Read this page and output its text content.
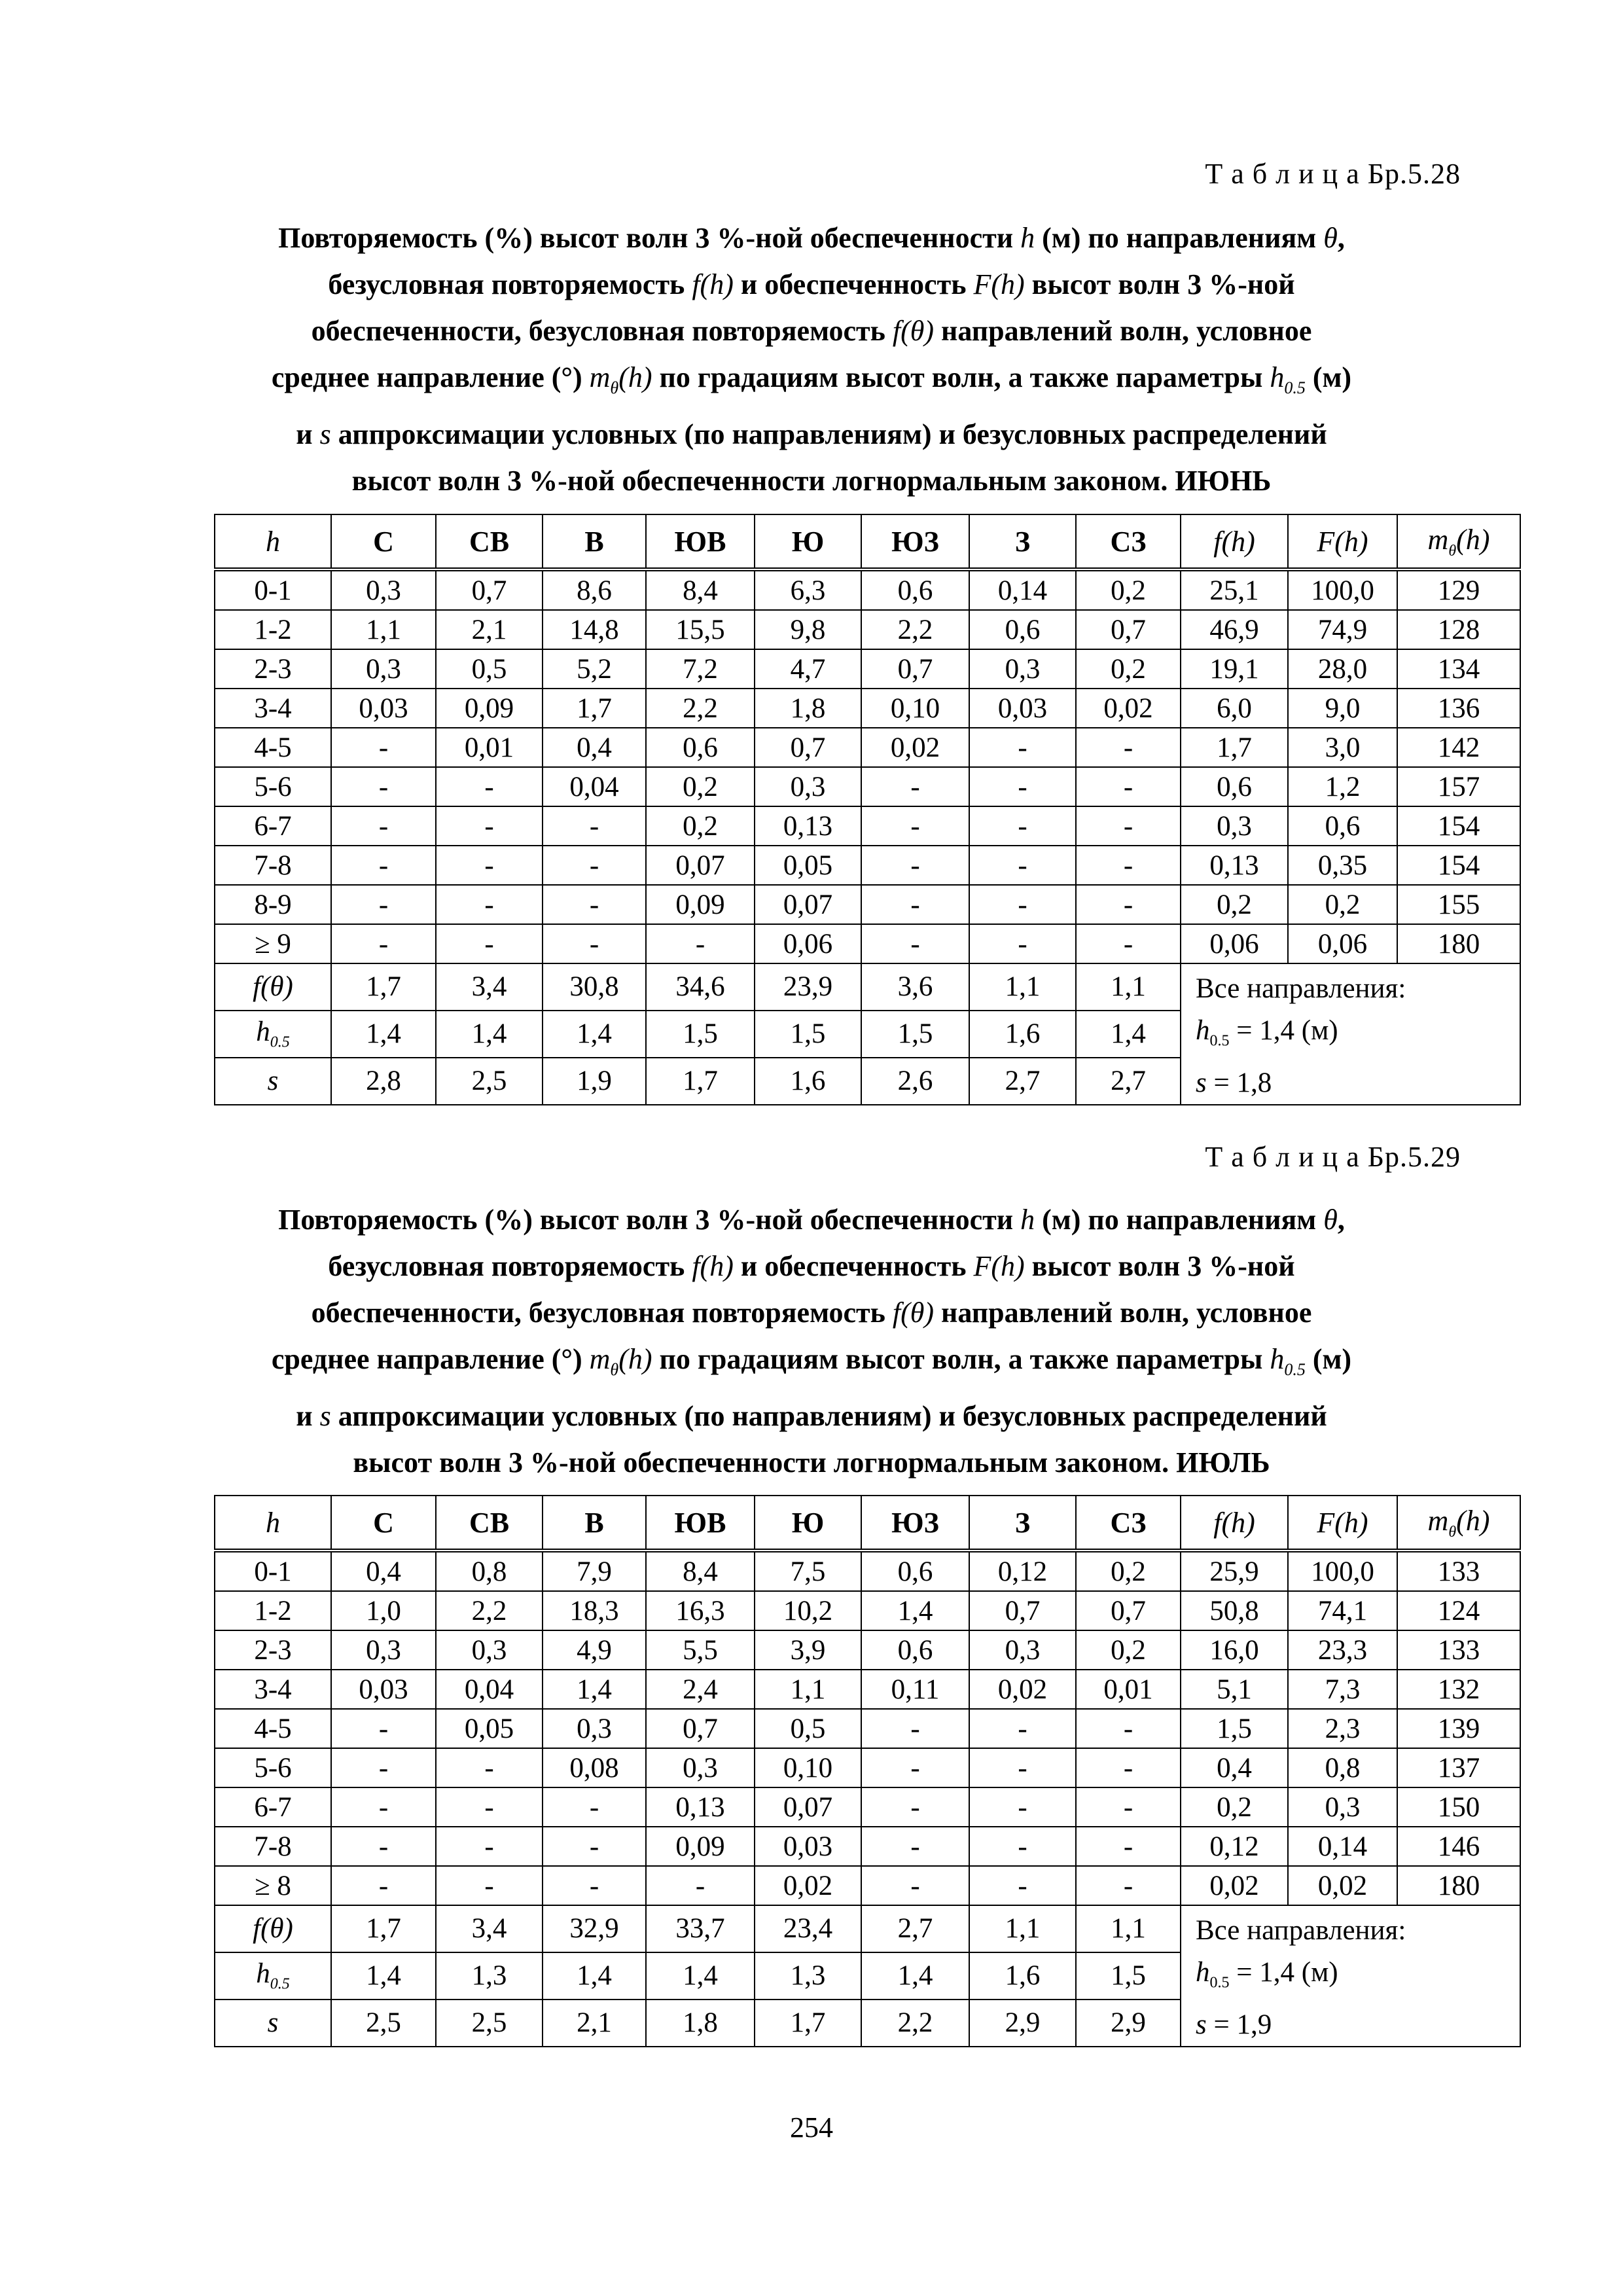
Т а б л и ц а Бр.5.28
Повторяемость (%) высот волн 3 %-ной обеспеченности h (м) по направлениям θ,
безусловная повторяемость f(h) и обеспеченность F(h) высот волн 3 %-ной
обеспеченности, безусловная повторяемость f(θ) направлений волн, условное
среднее направление (°) $m_\theta(h)$ по градациям высот волн, а также параметры $h_{0.5}$ (м)
и s аппроксимации условных (по направлениям) и безусловных распределений
высот волн 3 %-ной обеспеченности логнормальным законом. ИЮНЬ
h	С	СВ	В	ЮВ	Ю	ЮЗ	З	СЗ	f(h)	F(h)	$m_\theta(h)$
0-1	0,3	0,7	8,6	8,4	6,3	0,6	0,14	0,2	25,1	100,0	129
1-2	1,1	2,1	14,8	15,5	9,8	2,2	0,6	0,7	46,9	74,9	128
2-3	0,3	0,5	5,2	7,2	4,7	0,7	0,3	0,2	19,1	28,0	134
3-4	0,03	0,09	1,7	2,2	1,8	0,10	0,03	0,02	6,0	9,0	136
4-5	-	0,01	0,4	0,6	0,7	0,02	-	-	1,7	3,0	142
5-6	-	-	0,04	0,2	0,3	-	-	-	0,6	1,2	157
6-7	-	-	-	0,2	0,13	-	-	-	0,3	0,6	154
7-8	-	-	-	0,07	0,05	-	-	-	0,13	0,35	154
8-9	-	-	-	0,09	0,07	-	-	-	0,2	0,2	155
≥ 9	-	-	-	-	0,06	-	-	-	0,06	0,06	180
f(θ)	1,7	3,4	30,8	34,6	23,9	3,6	1,1	1,1	Все направления:
$h_{0.5} = 1,4$ (м)
s = 1,8		

$h_{0.5}$	1,4	1,4	1,4	1,5	1,5	1,5	1,6	1,4			
s	2,8	2,5	1,9	1,7	1,6	2,6	2,7	2,7			
Т а б л и ц а Бр.5.29
Повторяемость (%) высот волн 3 %-ной обеспеченности h (м) по направлениям θ,
безусловная повторяемость f(h) и обеспеченность F(h) высот волн 3 %-ной
обеспеченности, безусловная повторяемость f(θ) направлений волн, условное
среднее направление (°) $m_\theta(h)$ по градациям высот волн, а также параметры $h_{0.5}$ (м)
и s аппроксимации условных (по направлениям) и безусловных распределений
высот волн 3 %-ной обеспеченности логнормальным законом. ИЮЛЬ
h	С	СВ	В	ЮВ	Ю	ЮЗ	З	СЗ	f(h)	F(h)	$m_\theta(h)$
0-1	0,4	0,8	7,9	8,4	7,5	0,6	0,12	0,2	25,9	100,0	133
1-2	1,0	2,2	18,3	16,3	10,2	1,4	0,7	0,7	50,8	74,1	124
2-3	0,3	0,3	4,9	5,5	3,9	0,6	0,3	0,2	16,0	23,3	133
3-4	0,03	0,04	1,4	2,4	1,1	0,11	0,02	0,01	5,1	7,3	132
4-5	-	0,05	0,3	0,7	0,5	-	-	-	1,5	2,3	139
5-6	-	-	0,08	0,3	0,10	-	-	-	0,4	0,8	137
6-7	-	-	-	0,13	0,07	-	-	-	0,2	0,3	150
7-8	-	-	-	0,09	0,03	-	-	-	0,12	0,14	146
≥ 8	-	-	-	-	0,02	-	-	-	0,02	0,02	180
f(θ)	1,7	3,4	32,9	33,7	23,4	2,7	1,1	1,1	Все направления:
$h_{0.5} = 1,4$ (м)
s = 1,9		

$h_{0.5}$	1,4	1,3	1,4	1,4	1,3	1,4	1,6	1,5			
s	2,5	2,5	2,1	1,8	1,7	2,2	2,9	2,9			
254
